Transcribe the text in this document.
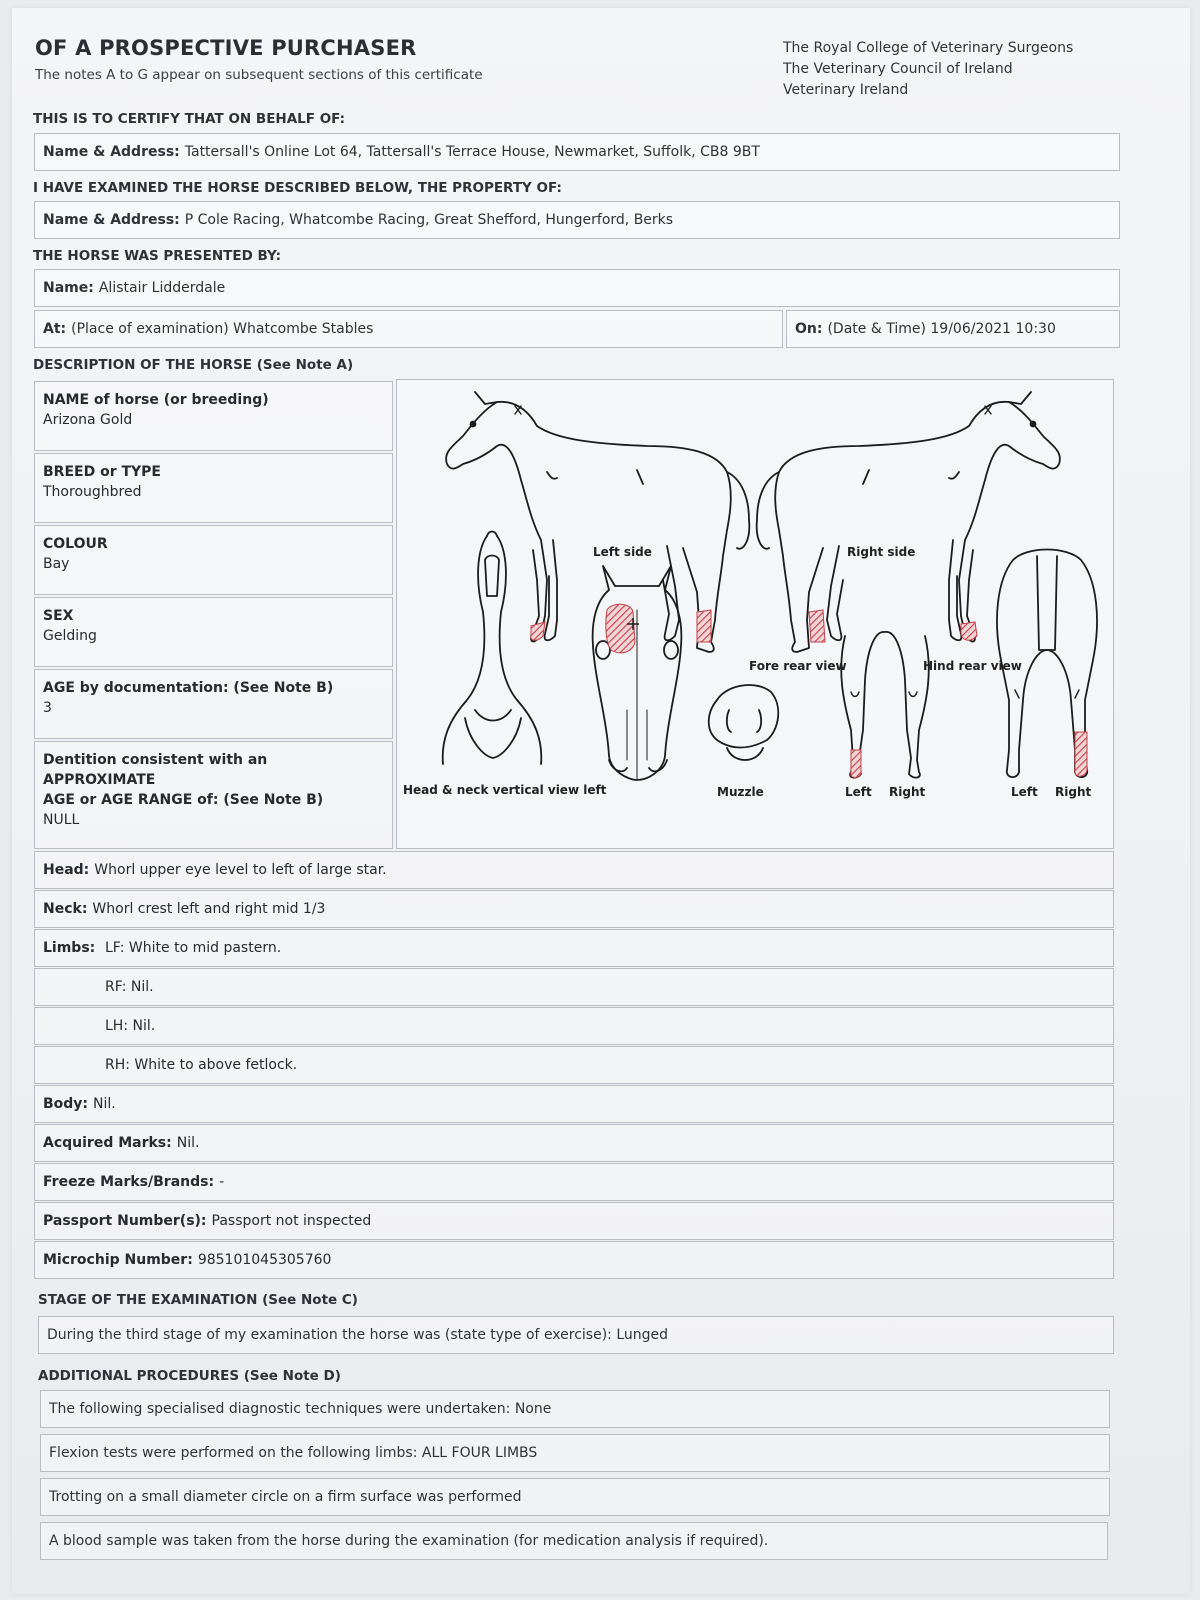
OF A PROSPECTIVE PURCHASER
The notes A to G appear on subsequent sections of this certificate
The Royal College of Veterinary Surgeons
The Veterinary Council of Ireland
Veterinary Ireland
THIS IS TO CERTIFY THAT ON BEHALF OF:
Name & Address: Tattersall's Online Lot 64, Tattersall's Terrace House, Newmarket, Suffolk, CB8 9BT
I HAVE EXAMINED THE HORSE DESCRIBED BELOW, THE PROPERTY OF:
Name & Address: P Cole Racing, Whatcombe Racing, Great Shefford, Hungerford, Berks
THE HORSE WAS PRESENTED BY:
Name: Alistair Lidderdale
At: (Place of examination) Whatcombe Stables	On: (Date & Time) 19/06/2021 10:30
DESCRIPTION OF THE HORSE (See Note A)
NAME of horse (or breeding)
Arizona Gold
BREED or TYPE
Thoroughbred
COLOUR
Bay
SEX
Gelding
AGE by documentation: (See Note B)
3
Dentition consistent with an APPROXIMATE
AGE or AGE RANGE of: (See Note B)
NULL
Left side	Right side
Fore rear view	Hind rear view
Head & neck vertical view left	Muzzle	Left Right	Left Right
Head: Whorl upper eye level to left of large star.
Neck: Whorl crest left and right mid 1/3
Limbs: LF: White to mid pastern.
RF: Nil.
LH: Nil.
RH: White to above fetlock.
Body: Nil.
Acquired Marks: Nil.
Freeze Marks/Brands: -
Passport Number(s): Passport not inspected
Microchip Number: 985101045305760
STAGE OF THE EXAMINATION (See Note C)
During the third stage of my examination the horse was (state type of exercise): Lunged
ADDITIONAL PROCEDURES (See Note D)
The following specialised diagnostic techniques were undertaken: None
Flexion tests were performed on the following limbs: ALL FOUR LIMBS
Trotting on a small diameter circle on a firm surface was performed
A blood sample was taken from the horse during the examination (for medication analysis if required).
